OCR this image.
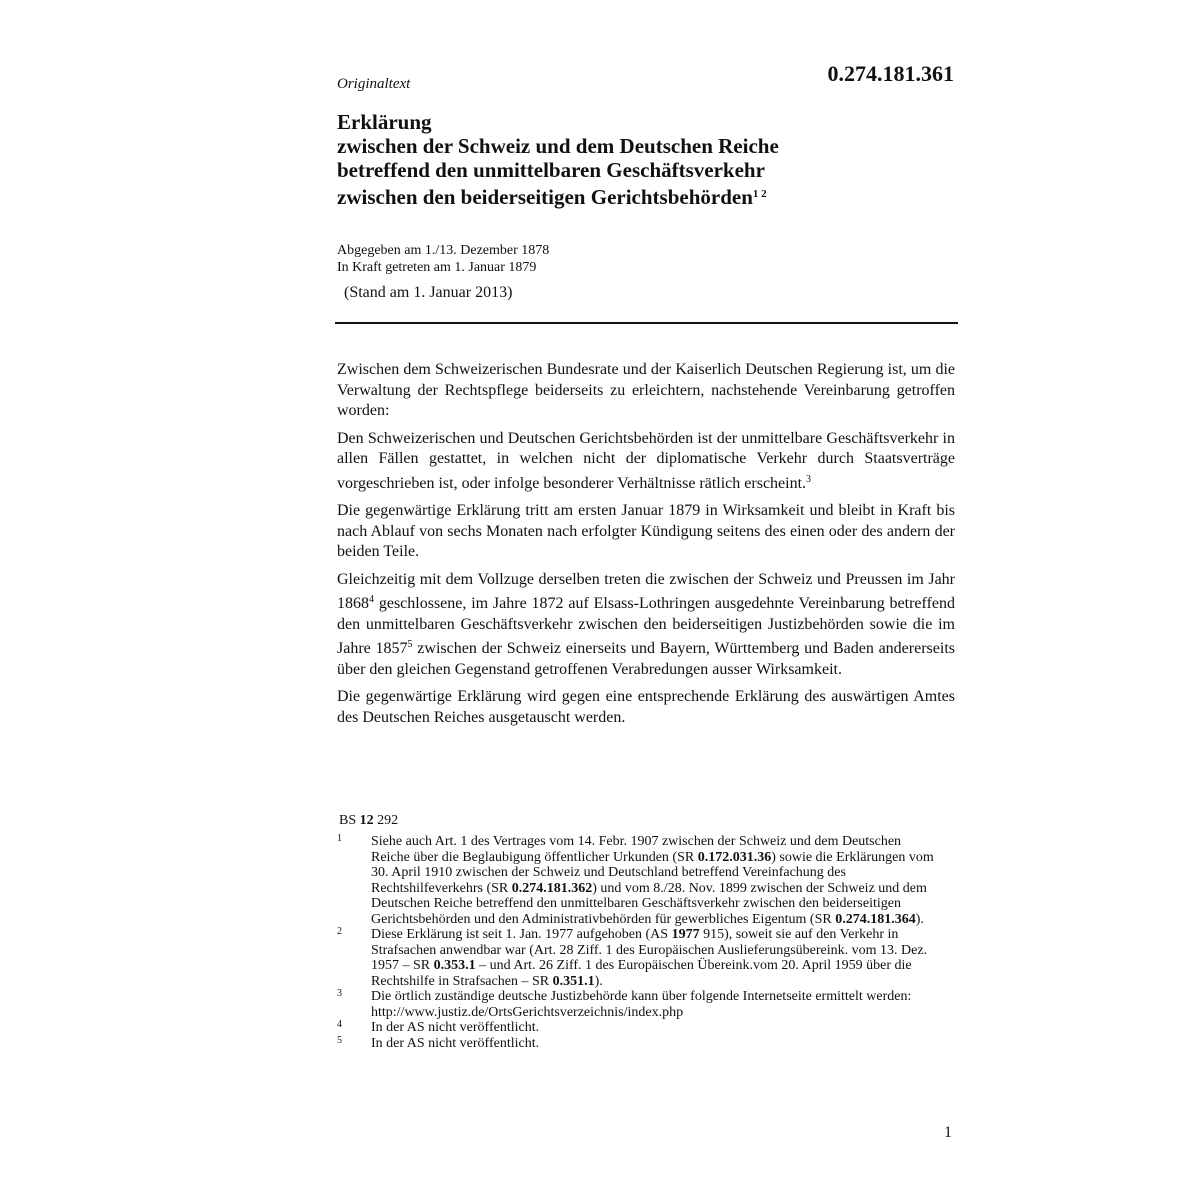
Originaltext	0.274.181.361
Erklärung
zwischen der Schweiz und dem Deutschen Reiche
betreffend den unmittelbaren Geschäftsverkehr
zwischen den beiderseitigen Gerichtsbehörden$^{1 2}$
Abgegeben am 1./13. Dezember 1878
In Kraft getreten am 1. Januar 1879
(Stand am 1. Januar 2013)

Zwischen dem Schweizerischen Bundesrate und der Kaiserlich Deutschen Regierung ist, um die Verwaltung der Rechtspflege beiderseits zu erleichtern, nachstehende Vereinbarung getroffen worden:

Den Schweizerischen und Deutschen Gerichtsbehörden ist der unmittelbare Geschäftsverkehr in allen Fällen gestattet, in welchen nicht der diplomatische Verkehr durch Staatsverträge vorgeschrieben ist, oder infolge besonderer Verhältnisse rätlich erscheint.$^3$

Die gegenwärtige Erklärung tritt am ersten Januar 1879 in Wirksamkeit und bleibt in Kraft bis nach Ablauf von sechs Monaten nach erfolgter Kündigung seitens des einen oder des andern der beiden Teile.

Gleichzeitig mit dem Vollzuge derselben treten die zwischen der Schweiz und Preussen im Jahr 1868$^4$ geschlossene, im Jahre 1872 auf Elsass-Lothringen ausgedehnte Vereinbarung betreffend den unmittelbaren Geschäftsverkehr zwischen den beiderseitigen Justizbehörden sowie die im Jahre 1857$^5$ zwischen der Schweiz einerseits und Bayern, Württemberg und Baden andererseits über den gleichen Gegenstand getroffenen Verabredungen ausser Wirksamkeit.

Die gegenwärtige Erklärung wird gegen eine entsprechende Erklärung des auswärtigen Amtes des Deutschen Reiches ausgetauscht werden.

BS 12 292
1 Siehe auch Art. 1 des Vertrages vom 14. Febr. 1907 zwischen der Schweiz und dem Deutschen Reiche über die Beglaubigung öffentlicher Urkunden (SR 0.172.031.36) sowie die Erklärungen vom 30. April 1910 zwischen der Schweiz und Deutschland betreffend Vereinfachung des Rechtshilfeverkehrs (SR 0.274.181.362) und vom 8./28. Nov. 1899 zwischen der Schweiz und dem Deutschen Reiche betreffend den unmittelbaren Geschäftsverkehr zwischen den beiderseitigen Gerichtsbehörden und den Administrativbehörden für gewerbliches Eigentum (SR 0.274.181.364).
2 Diese Erklärung ist seit 1. Jan. 1977 aufgehoben (AS 1977 915), soweit sie auf den Verkehr in Strafsachen anwendbar war (Art. 28 Ziff. 1 des Europäischen Auslieferungsübereink. vom 13. Dez. 1957 – SR 0.353.1 – und Art. 26 Ziff. 1 des Europäischen Übereink.vom 20. April 1959 über die Rechtshilfe in Strafsachen – SR 0.351.1).
3 Die örtlich zuständige deutsche Justizbehörde kann über folgende Internetseite ermittelt werden: http://www.justiz.de/OrtsGerichtsverzeichnis/index.php
4 In der AS nicht veröffentlicht.
5 In der AS nicht veröffentlicht.
1
